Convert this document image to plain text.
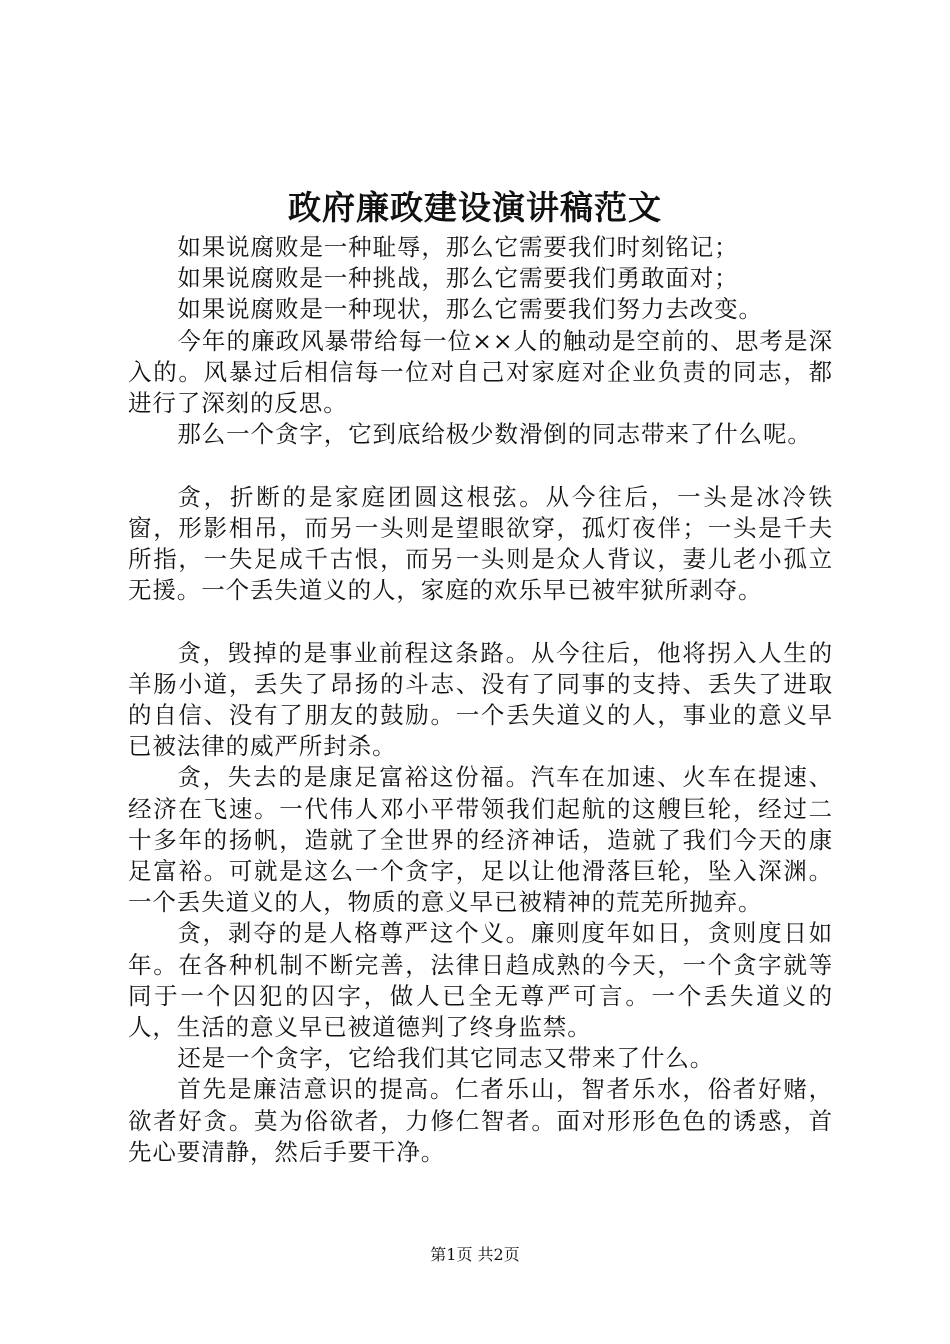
政府廉政建设演讲稿范文

如果说腐败是一种耻辱，那么它需要我们时刻铭记；

如果说腐败是一种挑战，那么它需要我们勇敢面对；

如果说腐败是一种现状，那么它需要我们努力去改变。

今年的廉政风暴带给每一位××人的触动是空前的、思考是深入的。风暴过后相信每一位对自己对家庭对企业负责的同志，都进行了深刻的反思。

那么一个贪字，它到底给极少数滑倒的同志带来了什么呢。

贪，折断的是家庭团圆这根弦。从今往后，一头是冰冷铁窗，形影相吊，而另一头则是望眼欲穿，孤灯夜伴；一头是千夫所指，一失足成千古恨，而另一头则是众人背议，妻儿老小孤立无援。一个丢失道义的人，家庭的欢乐早已被牢狱所剥夺。

贪，毁掉的是事业前程这条路。从今往后，他将拐入人生的羊肠小道，丢失了昂扬的斗志、没有了同事的支持、丢失了进取的自信、没有了朋友的鼓励。一个丢失道义的人，事业的意义早已被法律的威严所封杀。

贪，失去的是康足富裕这份福。汽车在加速、火车在提速、经济在飞速。一代伟人邓小平带领我们起航的这艘巨轮，经过二十多年的扬帆，造就了全世界的经济神话，造就了我们今天的康足富裕。可就是这么一个贪字，足以让他滑落巨轮，坠入深渊。一个丢失道义的人，物质的意义早已被精神的荒芜所抛弃。

贪，剥夺的是人格尊严这个义。廉则度年如日，贪则度日如年。在各种机制不断完善，法律日趋成熟的今天，一个贪字就等同于一个囚犯的囚字，做人已全无尊严可言。一个丢失道义的人，生活的意义早已被道德判了终身监禁。

还是一个贪字，它给我们其它同志又带来了什么。

首先是廉洁意识的提高。仁者乐山，智者乐水，俗者好赌，欲者好贪。莫为俗欲者，力修仁智者。面对形形色色的诱惑，首先心要清静，然后手要干净。

第1页 共2页
